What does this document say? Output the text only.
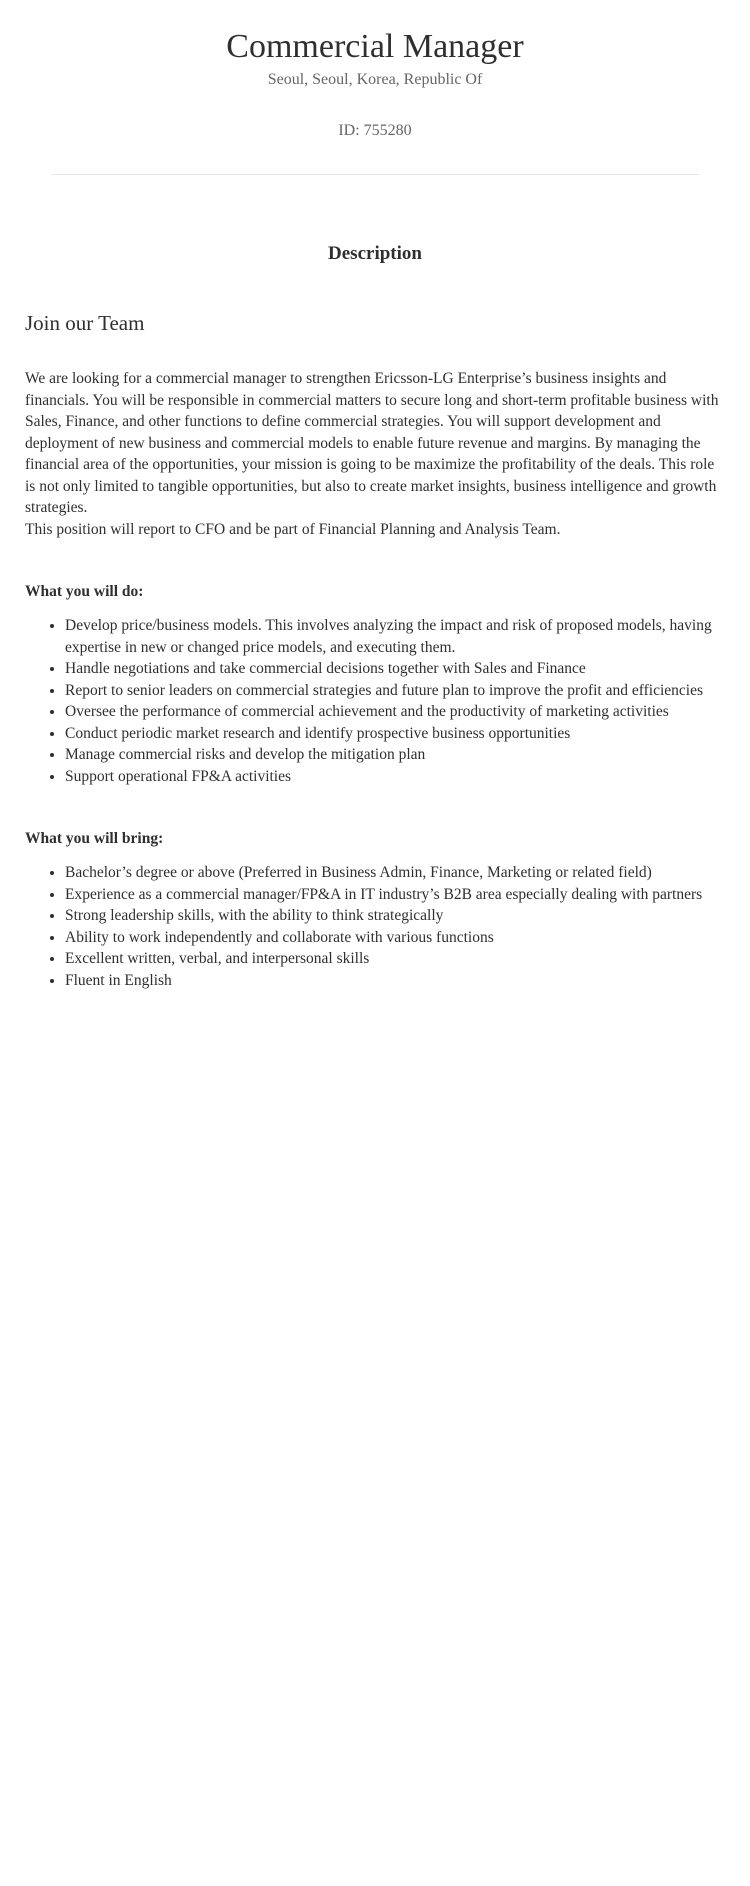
Commercial Manager
Seoul, Seoul, Korea, Republic Of
ID: 755280
Description
Join our Team

We are looking for a commercial manager to strengthen Ericsson-LG Enterprise’s business insights and financials. You will be responsible in commercial matters to secure long and short-term profitable business with Sales, Finance, and other functions to define commercial strategies. You will support development and deployment of new business and commercial models to enable future revenue and margins. By managing the financial area of the opportunities, your mission is going to be maximize the profitability of the deals. This role is not only limited to tangible opportunities, but also to create market insights, business intelligence and growth strategies.

This position will report to CFO and be part of Financial Planning and Analysis Team.

What you will do:
• Develop price/business models. This involves analyzing the impact and risk of proposed models, having expertise in new or changed price models, and executing them.
• Handle negotiations and take commercial decisions together with Sales and Finance
• Report to senior leaders on commercial strategies and future plan to improve the profit and efficiencies
• Oversee the performance of commercial achievement and the productivity of marketing activities
• Conduct periodic market research and identify prospective business opportunities
• Manage commercial risks and develop the mitigation plan
• Support operational FP&A activities
What you will bring:
• Bachelor’s degree or above (Preferred in Business Admin, Finance, Marketing or related field)
• Experience as a commercial manager/FP&A in IT industry’s B2B area especially dealing with partners
• Strong leadership skills, with the ability to think strategically
• Ability to work independently and collaborate with various functions
• Excellent written, verbal, and interpersonal skills
• Fluent in English
